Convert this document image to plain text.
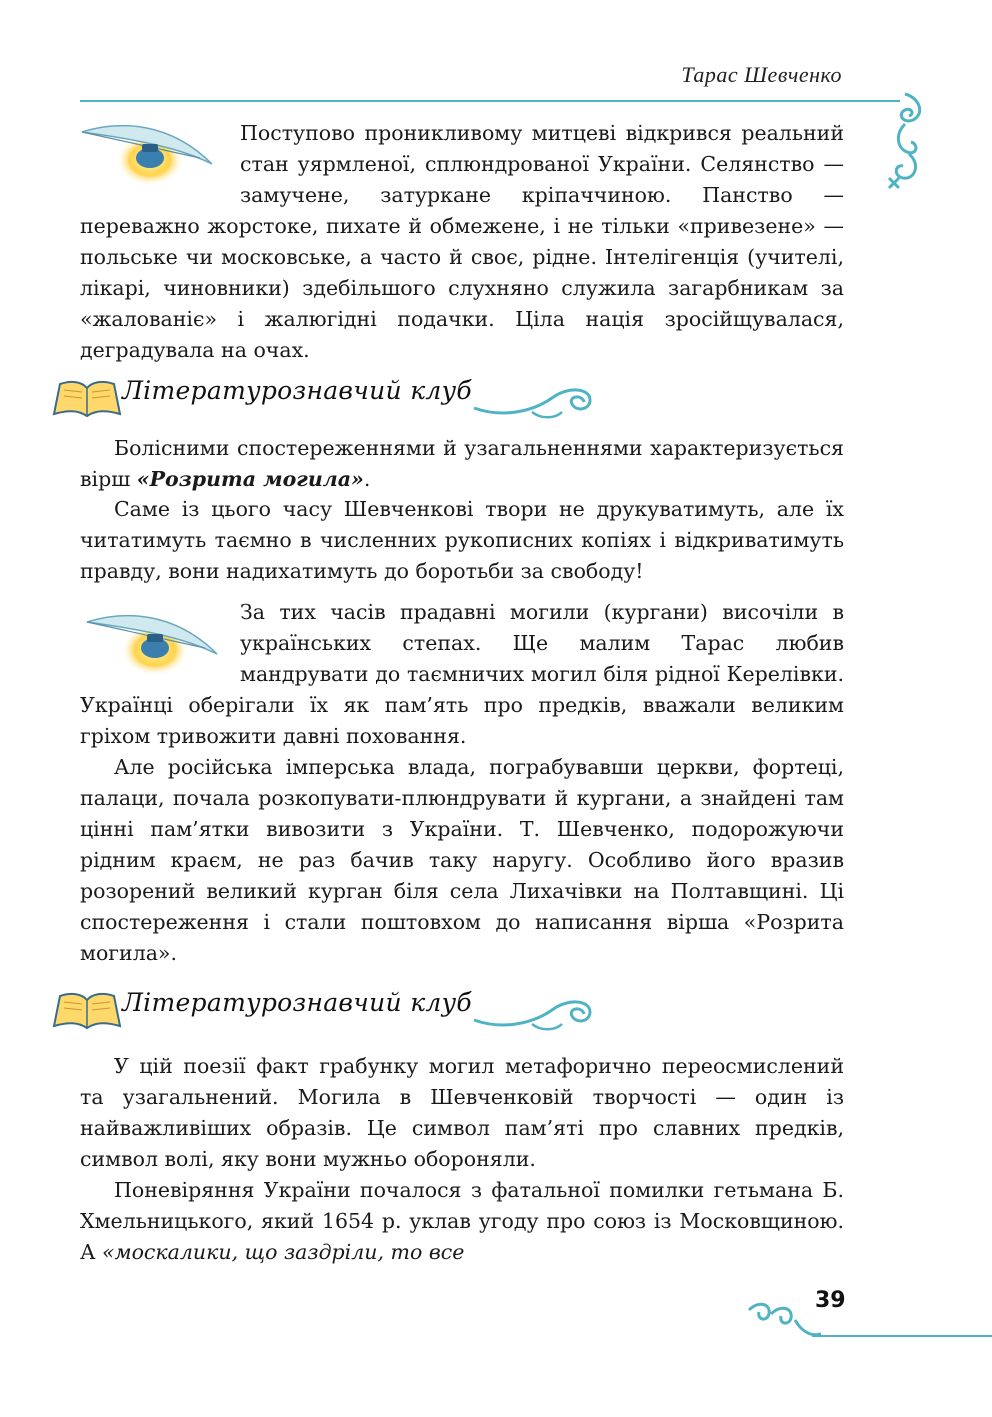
Тарас Шевченко

Поступово проникливому митцеві відкрився реальний стан уярмленої, сплюндрованої України. Селянство — замучене, затуркане кріпаччиною. Панство — переважно жорстоке, пихате й обмежене, і не тільки «привезене» — польське чи московське, а часто й своє, рідне. Інтелігенція (учителі, лікарі, чиновники) здебільшого слухняно служила загарбникам за «жалованіє» і жалюгідні подачки. Ціла нація зросійщувалася, деградувала на очах.

Літературознавчий клуб

Болісними спостереженнями й узагальненнями характеризується вірш «Розрита могила».

Саме із цього часу Шевченкові твори не друкуватимуть, але їх читатимуть таємно в численних рукописних копіях і відкриватимуть правду, вони надихатимуть до боротьби за свободу!

За тих часів прадавні могили (кургани) височіли в українських степах. Ще малим Тарас любив мандрувати до таємничих могил біля рідної Керелівки. Українці оберігали їх як пам’ять про предків, вважали великим гріхом тривожити давні поховання.

Але російська імперська влада, пограбувавши церкви, фортеці, палаци, почала розкопувати-плюндрувати й кургани, а знайдені там цінні пам’ятки вивозити з України. Т. Шевченко, подорожуючи рідним краєм, не раз бачив таку наругу. Особливо його вразив розорений великий курган біля села Лихачівки на Полтавщині. Ці спостереження і стали поштовхом до написання вірша «Розрита могила».

Літературознавчий клуб

У цій поезії факт грабунку могил метафорично переосмислений та узагальнений. Могила в Шевченковій творчості — один із найважливіших образів. Це символ пам’яті про славних предків, символ волі, яку вони мужньо обороняли.

Поневіряння України почалося з фатальної помилки гетьмана Б. Хмельницького, який 1654 р. уклав угоду про союз із Московщиною. А «москалики, що заздріли, то все

39
